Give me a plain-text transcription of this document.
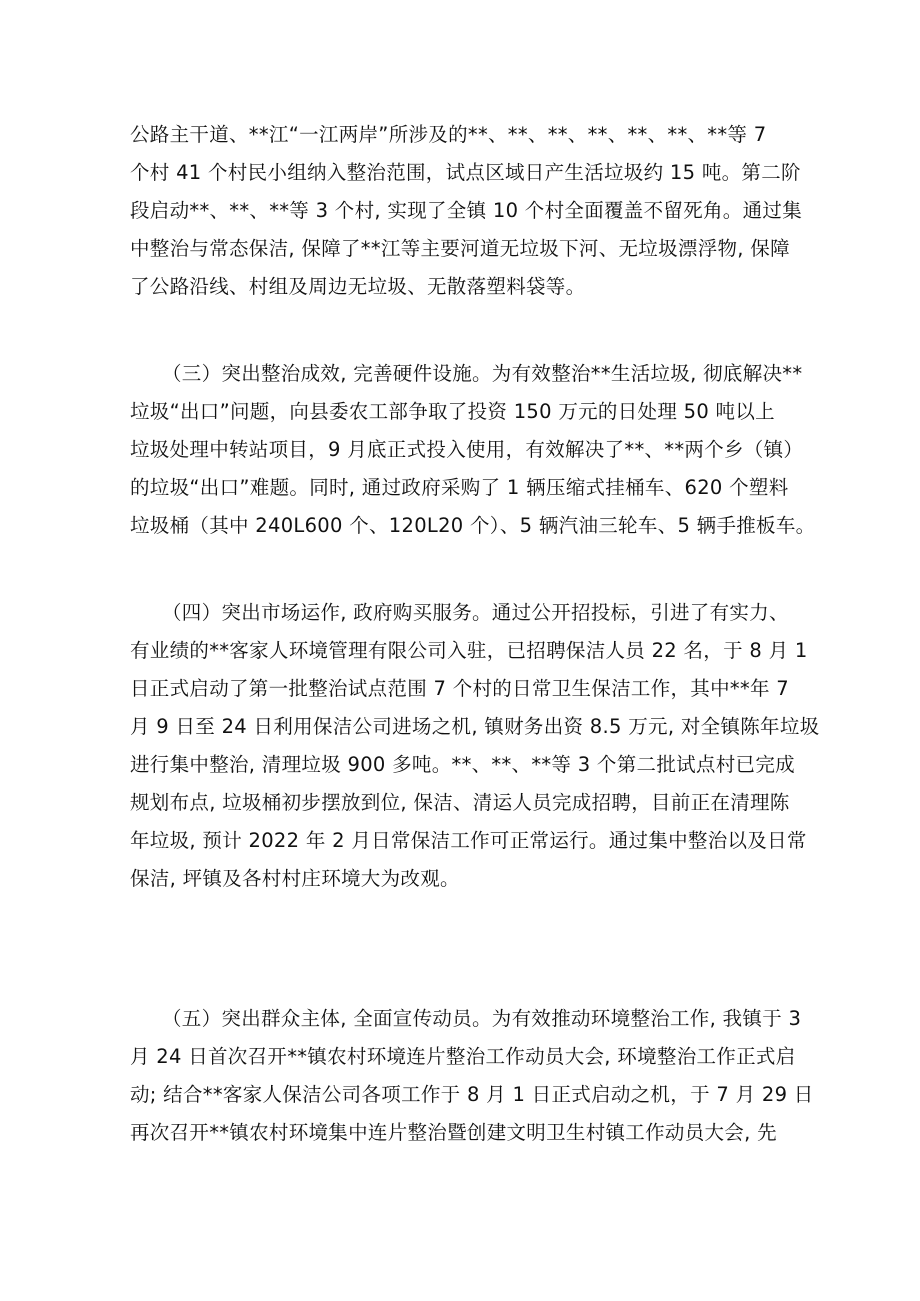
公路主干道、**江“一江两岸”所涉及的**、**、**、**、**、**、**等 7
个村 41 个村民小组纳入整治范围，试点区域日产生活垃圾约 15 吨。第二阶
段启动**、**、**等 3 个村, 实现了全镇 10 个村全面覆盖不留死角。通过集
中整治与常态保洁, 保障了**江等主要河道无垃圾下河、无垃圾漂浮物, 保障
了公路沿线、村组及周边无垃圾、无散落塑料袋等。
（三）突出整治成效, 完善硬件设施。为有效整治**生活垃圾, 彻底解决**
垃圾“出口”问题，向县委农工部争取了投资 150 万元的日处理 50 吨以上
垃圾处理中转站项目，9 月底正式投入使用，有效解决了**、**两个乡（镇）
的垃圾“出口”难题。同时, 通过政府采购了 1 辆压缩式挂桶车、620 个塑料
垃圾桶（其中 240L600 个、120L20 个）、5 辆汽油三轮车、5 辆手推板车。
（四）突出市场运作, 政府购买服务。通过公开招投标，引进了有实力、
有业绩的**客家人环境管理有限公司入驻，已招聘保洁人员 22 名，于 8 月 1
日正式启动了第一批整治试点范围 7 个村的日常卫生保洁工作，其中**年 7
月 9 日至 24 日利用保洁公司进场之机, 镇财务出资 8.5 万元, 对全镇陈年垃圾
进行集中整治, 清理垃圾 900 多吨。**、**、**等 3 个第二批试点村已完成
规划布点, 垃圾桶初步摆放到位, 保洁、清运人员完成招聘，目前正在清理陈
年垃圾, 预计 2022 年 2 月日常保洁工作可正常运行。通过集中整治以及日常
保洁, 坪镇及各村村庄环境大为改观。
（五）突出群众主体, 全面宣传动员。为有效推动环境整治工作, 我镇于 3
月 24 日首次召开**镇农村环境连片整治工作动员大会, 环境整治工作正式启
动; 结合**客家人保洁公司各项工作于 8 月 1 日正式启动之机，于 7 月 29 日
再次召开**镇农村环境集中连片整治暨创建文明卫生村镇工作动员大会, 先
